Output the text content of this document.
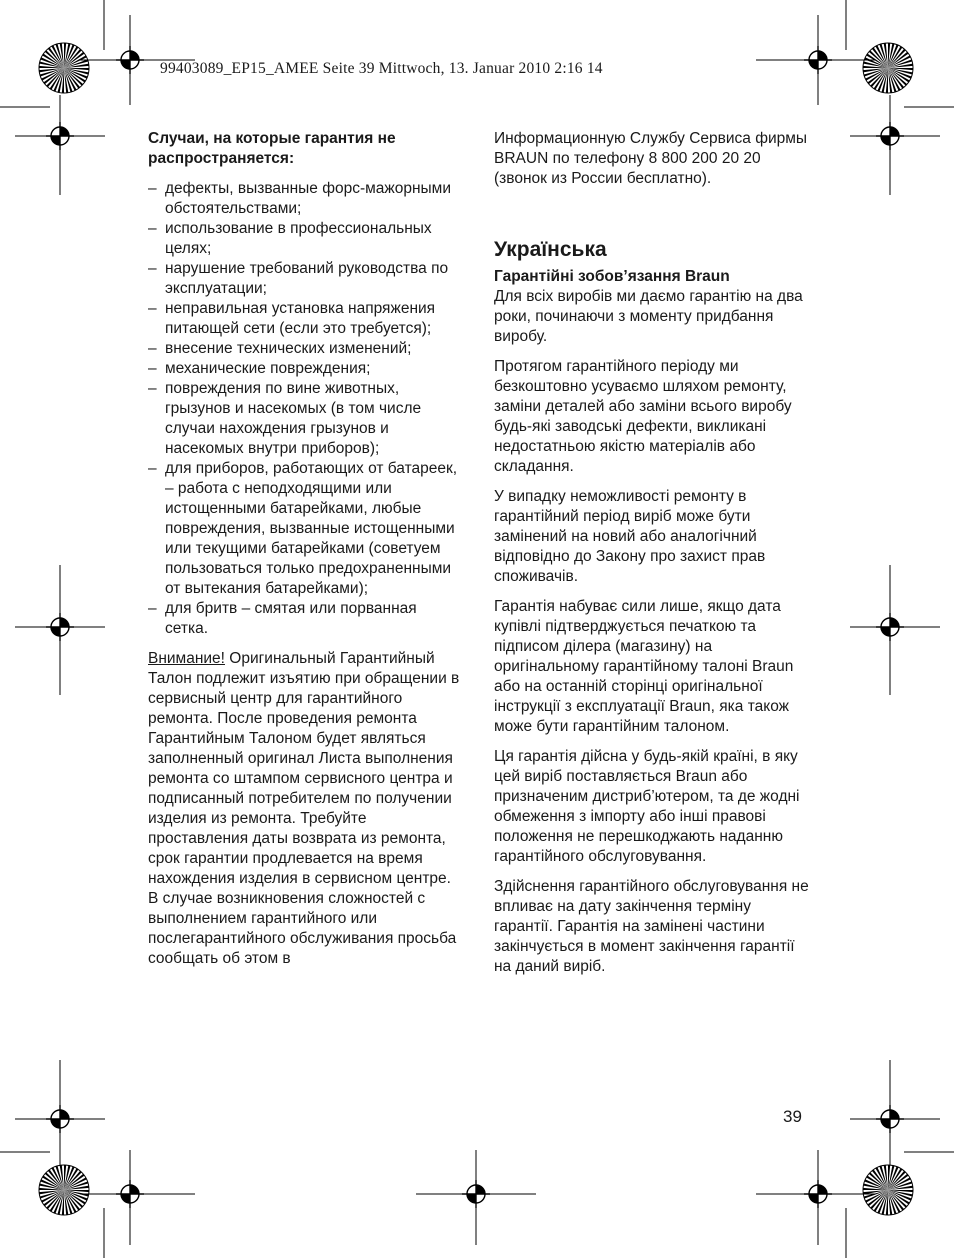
99403089_EP15_AMEE Seite 39 Mittwoch, 13. Januar 2010 2:16 14
Случаи, на которые гарантия не распространяется:
– дефекты, вызванные форс-мажорными обстоятельствами;
– использование в профессиональных целях;
– нарушение требований руководства по эксплуатации;
– неправильная установка напряжения питающей сети (если это требуется);
– внесение технических изменений;
– механические повреждения;
– повреждения по вине животных, грызунов и насекомых (в том числе случаи нахождения грызунов и насекомых внутри приборов);
– для приборов, работающих от батареек, – работа с неподходящими или истощенными батарейками, любые повреждения, вызванные истощенными или текущими батарейками (советуем пользоваться только предохраненными от вытекания батарейками);
– для бритв – смятая или порванная сетка.
Внимание! Оригинальный Гарантийный Талон подлежит изъятию при обращении в сервисный центр для гарантийного ремонта. После проведения ремонта Гарантийным Талоном будет являться заполненный оригинал Листа выполнения ремонта со штампом сервисного центра и подписанный потребителем по получении изделия из ремонта. Требуйте проставления даты возврата из ремонта, срок гарантии продлевается на время нахождения изделия в сервисном центре.
В случае возникновения сложностей с выполнением гарантийного или послегарантийного обслуживания просьба сообщать об этом в
Информационную Службу Сервиса фирмы BRAUN по телефону 8 800 200 20 20 (звонок из России бесплатно).
Українська
Гарантійні зобов’язання Braun
Для всіх виробів ми даємо гарантію на два роки, починаючи з моменту придбання виробу.
Протягом гарантійного періоду ми безкоштовно усуваємо шляхом ремонту, заміни деталей або заміни всього виробу будь-які заводські дефекти, викликані недостатньою якістю матеріалів або складання.
У випадку неможливості ремонту в гарантійний період виріб може бути замінений на новий або аналогічний відповідно до Закону про захист прав споживачів.
Гарантія набуває сили лише, якщо дата купівлі підтверджується печаткою та підписом ділера (магазину) на оригінальному гарантійному талоні Braun або на останній сторінці оригінальної інструкції з експлуатації Braun, яка також може бути гарантійним талоном.
Ця гарантія дійсна у будь-якій країні, в яку цей виріб поставляється Braun або призначеним дистриб’ютером, та де жодні обмеження з імпорту або інші правові положення не перешкоджають наданню гарантійного обслуговування.
Здійснення гарантійного обслуговування не впливає на дату закінчення терміну гарантії. Гарантія на замінені частини закінчується в момент закінчення гарантії на даний виріб.
39
